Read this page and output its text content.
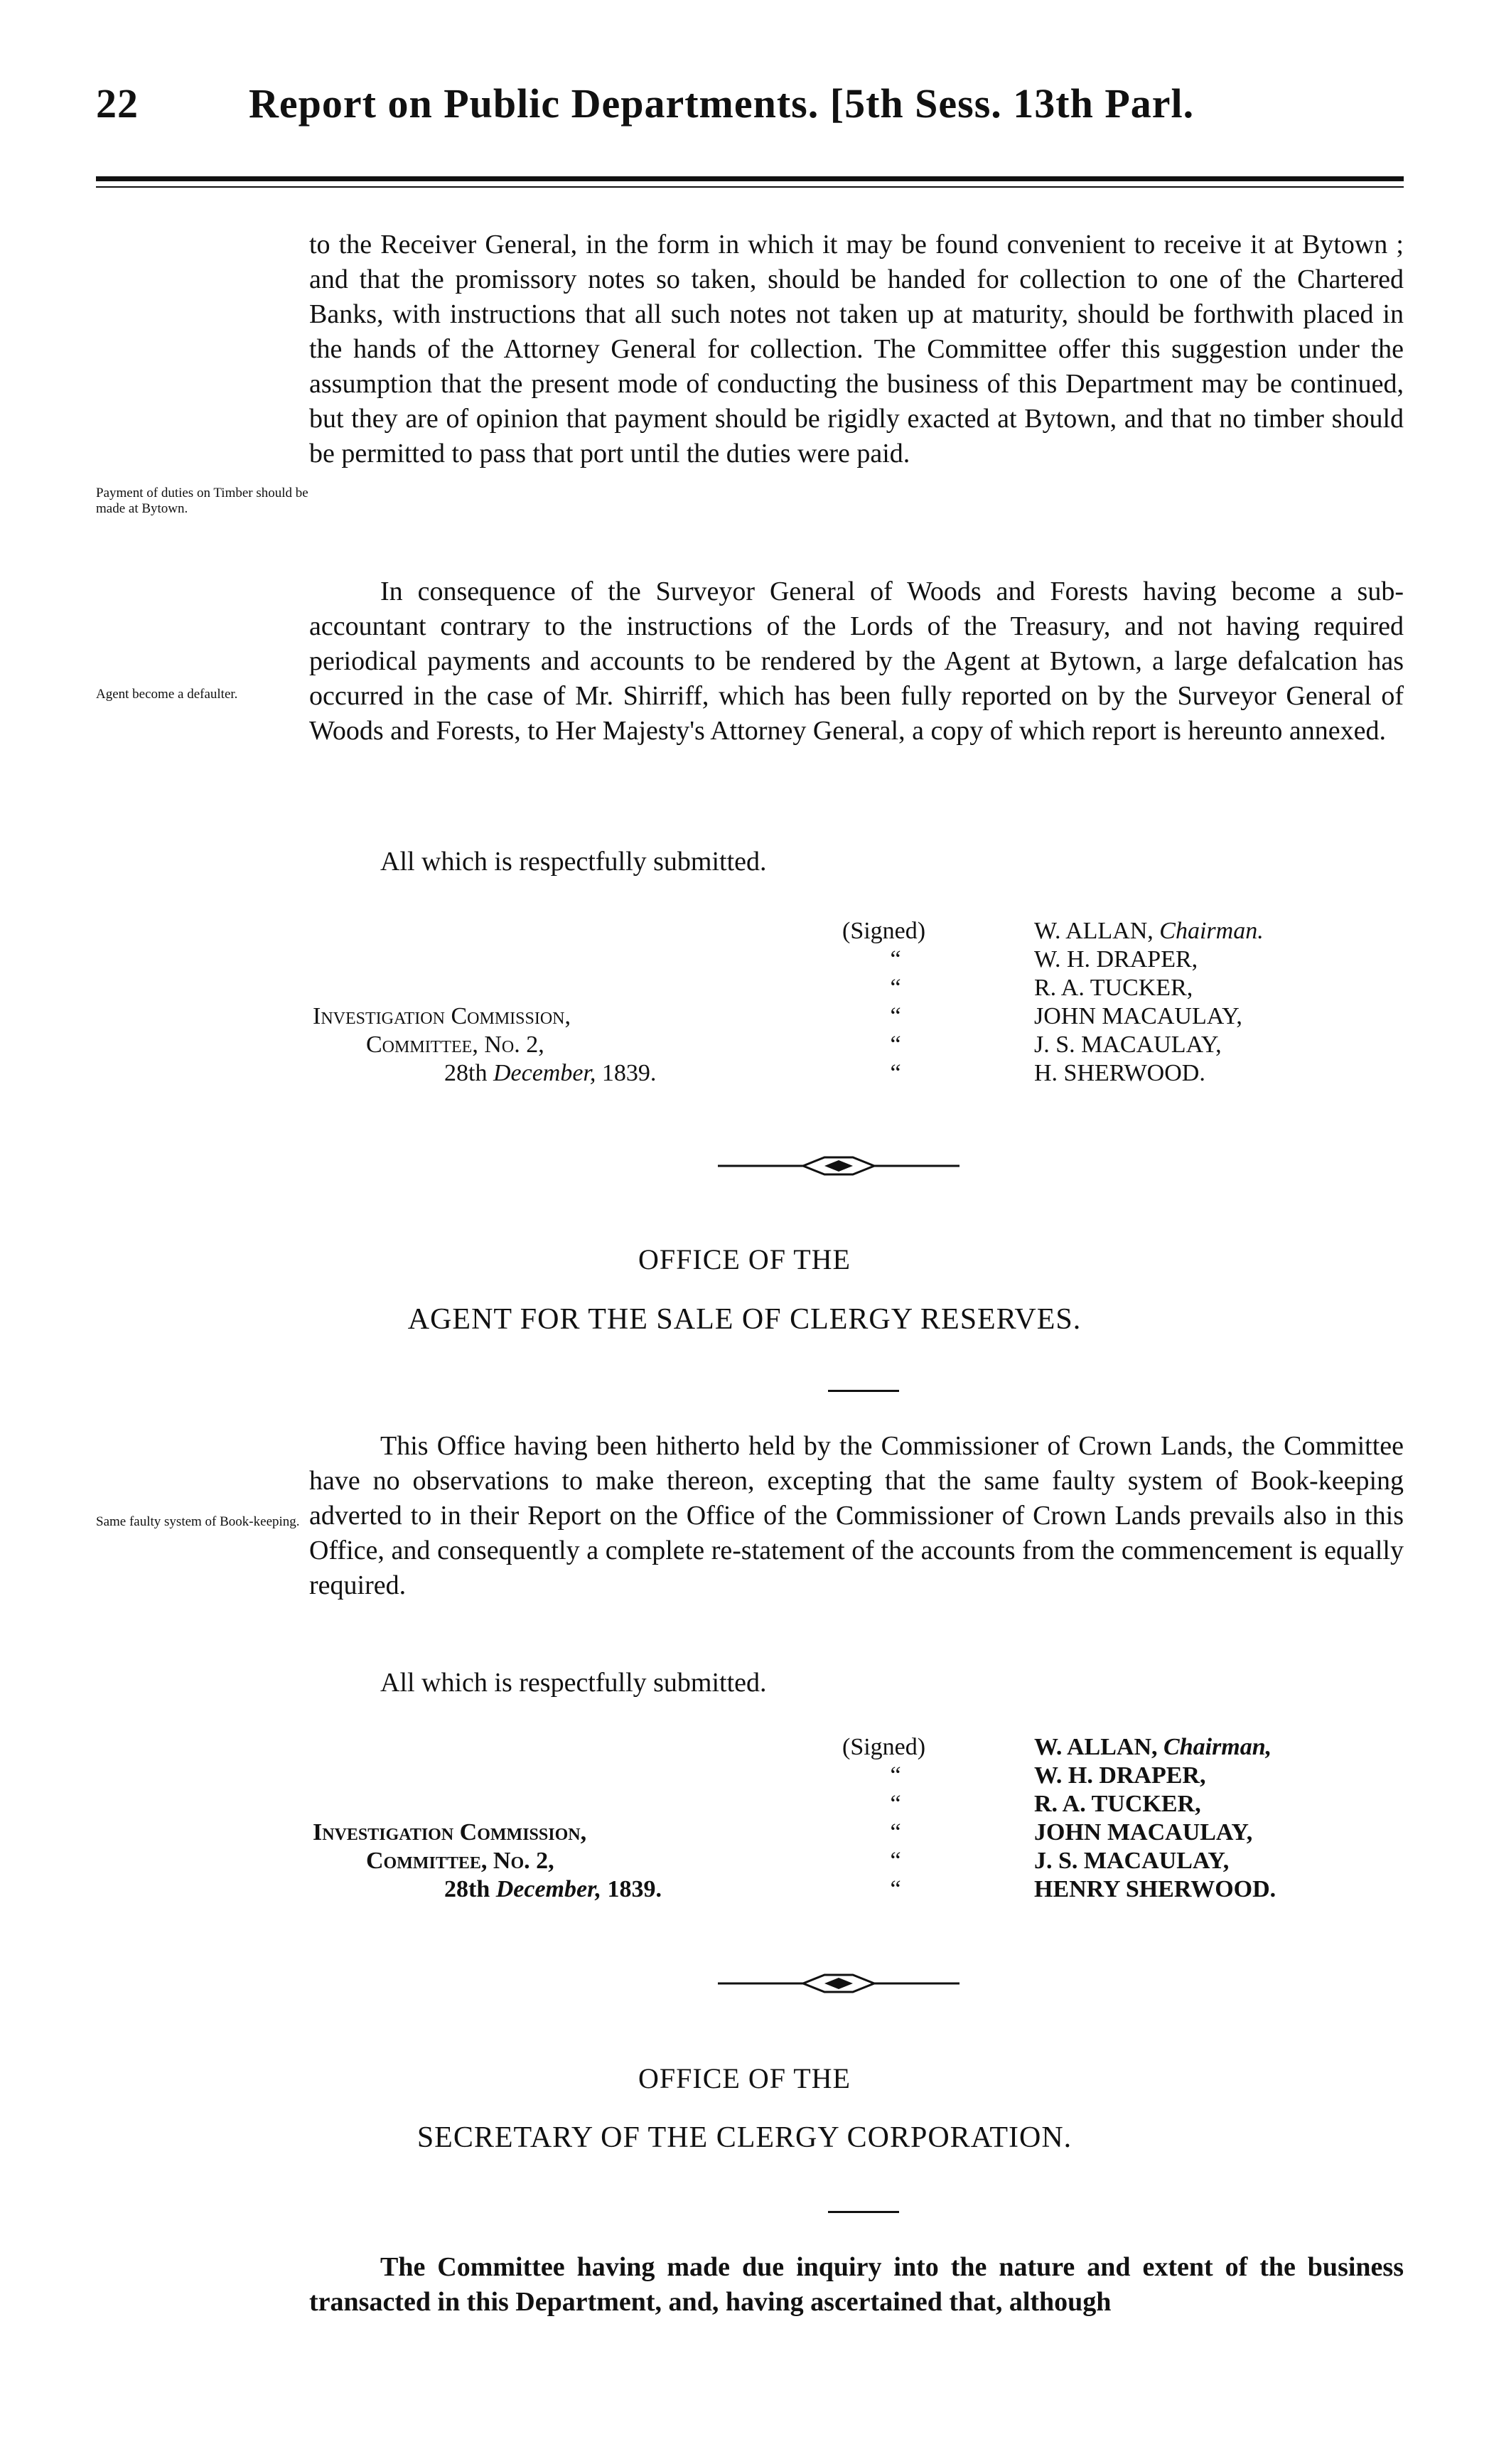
22	Report on Public Departments. [5th Sess. 13th Parl.

to the Receiver General, in the form in which it may be found convenient to receive it at Bytown ; and that the promissory notes so taken, should be handed for collection to one of the Chartered Banks, with instructions that all such notes not taken up at maturity, should be forthwith placed in the hands of the Attorney General for collection. The Committee offer this suggestion under the assumption that the present mode of conducting the business of this Department may be continued, but they are of opinion that payment should be rigidly exacted at Bytown, and that no timber should be permitted to pass that port until the duties were paid.

Payment of duties on Timber should be made at Bytown.

In consequence of the Surveyor General of Woods and Forests having become a sub-accountant contrary to the instructions of the Lords of the Treasury, and not having required periodical payments and accounts to be rendered by the Agent at Bytown, a large defalcation has occurred in the case of Mr. Shirriff, which has been fully reported on by the Surveyor General of Woods and Forests, to Her Majesty's Attorney General, a copy of which report is hereunto annexed.

Agent become a defaulter.
All which is respectfully submitted.
(Signed)
“
“
“
“
“
W. ALLAN, Chairman.
W. H. DRAPER,
R. A. TUCKER,
JOHN MACAULAY,
J. S. MACAULAY,
H. SHERWOOD.
Investigation Commission,
Committee, No. 2,
28th December, 1839.
OFFICE OF THE
AGENT FOR THE SALE OF CLERGY RESERVES.

This Office having been hitherto held by the Commissioner of Crown Lands, the Committee have no observations to make thereon, excepting that the same faulty system of Book-keeping adverted to in their Report on the Office of the Commissioner of Crown Lands prevails also in this Office, and consequently a complete re-statement of the accounts from the commencement is equally required.

Same faulty system of Book-keeping.
All which is respectfully submitted.
(Signed)
“
“
“
“
“
W. ALLAN, Chairman,
W. H. DRAPER,
R. A. TUCKER,
JOHN MACAULAY,
J. S. MACAULAY,
HENRY SHERWOOD.
Investigation Commission,
Committee, No. 2,
28th December, 1839.
OFFICE OF THE
SECRETARY OF THE CLERGY CORPORATION.

The Committee having made due inquiry into the nature and extent of the business transacted in this Department, and, having ascertained that, although
